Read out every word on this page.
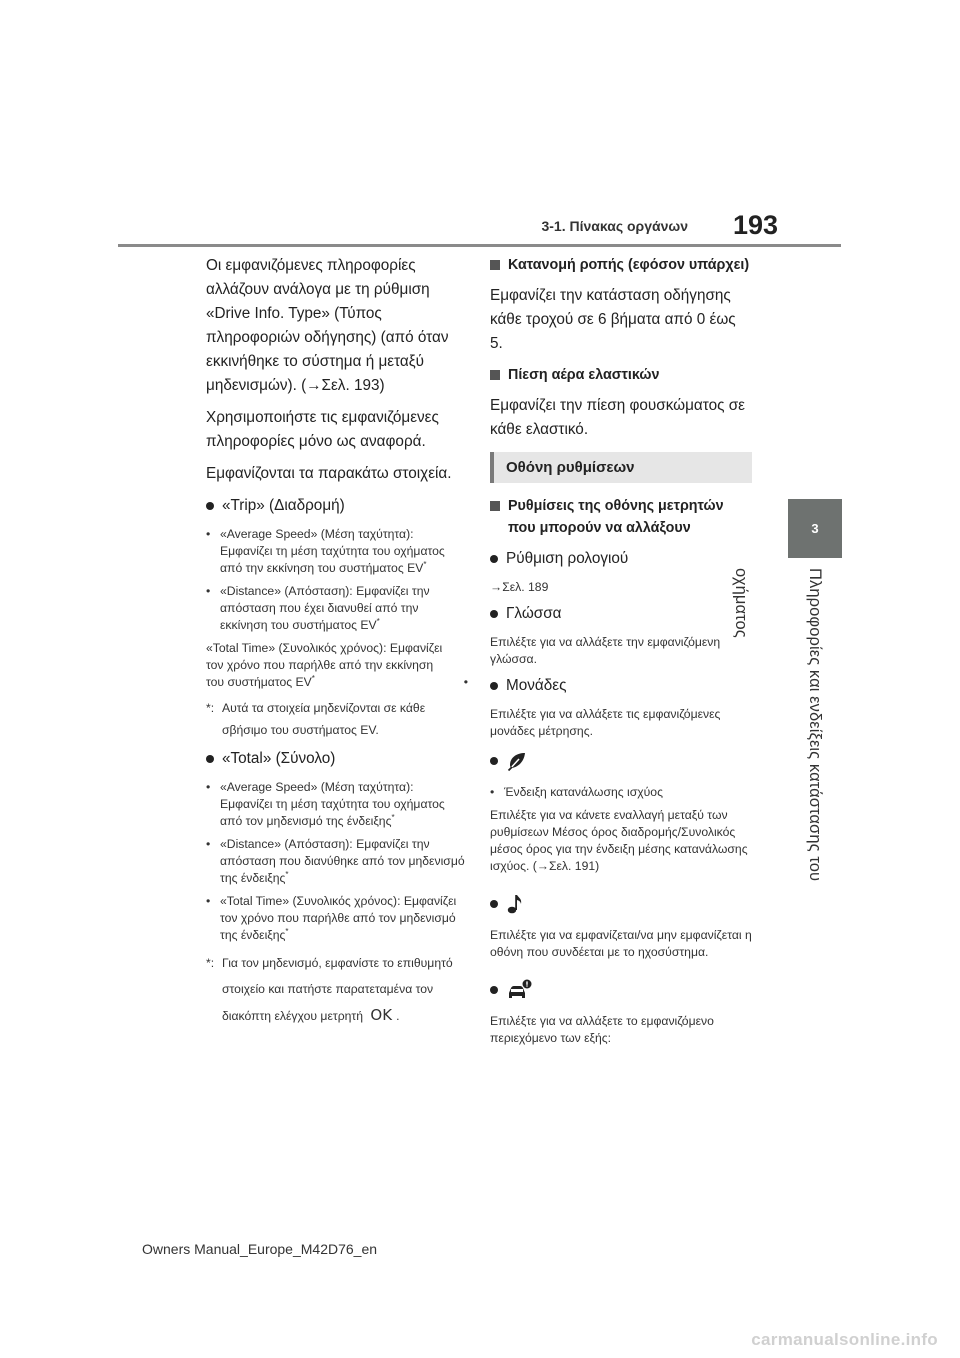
3-1. Πίνακας οργάνων 193
3
Πληροφορίες και ενδείξεις κατάστασης του οχήματος

Οι εμφανιζόμενες πληροφορίες αλλάζουν ανάλογα με τη ρύθμιση «Drive Info. Type» (Τύπος πληροφοριών οδήγησης) (από όταν εκκινήθηκε το σύστημα ή μεταξύ μηδενισμών). (→Σελ. 193)

Χρησιμοποιήστε τις εμφανιζόμενες πληροφορίες μόνο ως αναφορά.

Εμφανίζονται τα παρακάτω στοιχεία.

«Trip» (Διαδρομή)
• «Average Speed» (Μέση ταχύτητα): Εμφανίζει τη μέση ταχύτητα του οχήματος από την εκκίνηση του συστήματος EV*
• «Distance» (Απόσταση): Εμφανίζει την απόσταση που έχει διανυθεί από την εκκίνηση του συστήματος EV*
«Total Time» (Συνολικός χρόνος): Εμφανίζει τον χρόνο που παρήλθε από την εκκίνηση του συστήματος EV*	•
*: Αυτά τα στοιχεία μηδενίζονται σε κάθε σβήσιμο του συστήματος EV.
«Total» (Σύνολο)
• «Average Speed» (Μέση ταχύτητα): Εμφανίζει τη μέση ταχύτητα του οχήματος από τον μηδενισμό της ένδειξης*
• «Distance» (Απόσταση): Εμφανίζει την απόσταση που διανύθηκε από τον μηδενισμό της ένδειξης*
• «Total Time» (Συνολικός χρόνος): Εμφανίζει τον χρόνο που παρήλθε από τον μηδενισμό της ένδειξης*
*: Για τον μηδενισμό, εμφανίστε το επιθυμητό στοιχείο και πατήστε παρατεταμένα τον διακόπτη ελέγχου μετρητή OK .
Κατανομή ροπής (εφόσον υπάρχει)

Εμφανίζει την κατάσταση οδήγησης κάθε τροχού σε 6 βήματα από 0 έως 5.

Πίεση αέρα ελαστικών

Εμφανίζει την πίεση φουσκώματος σε κάθε ελαστικό.

Οθόνη ρυθμίσεων
Ρυθμίσεις της οθόνης μετρητών που μπορούν να αλλάξουν
Ρύθμιση ρολογιού

→Σελ. 189

Γλώσσα

Επιλέξτε για να αλλάξετε την εμφανιζόμενη γλώσσα.

Μονάδες

Επιλέξτε για να αλλάξετε τις εμφανιζόμενες μονάδες μέτρησης.

• Ένδειξη κατανάλωσης ισχύος

Επιλέξτε για να κάνετε εναλλαγή μεταξύ των ρυθμίσεων Μέσος όρος διαδρομής/Συνολικός μέσος όρος για την ένδειξη μέσης κατανάλωσης ισχύος. (→Σελ. 191)

Επιλέξτε για να εμφανίζεται/να μην εμφανίζεται η οθόνη που συνδέεται με το ηχοσύστημα.

Επιλέξτε για να αλλάξετε το εμφανιζόμενο περιεχόμενο των εξής:

Owners Manual_Europe_M42D76_en
carmanualsonline.info
